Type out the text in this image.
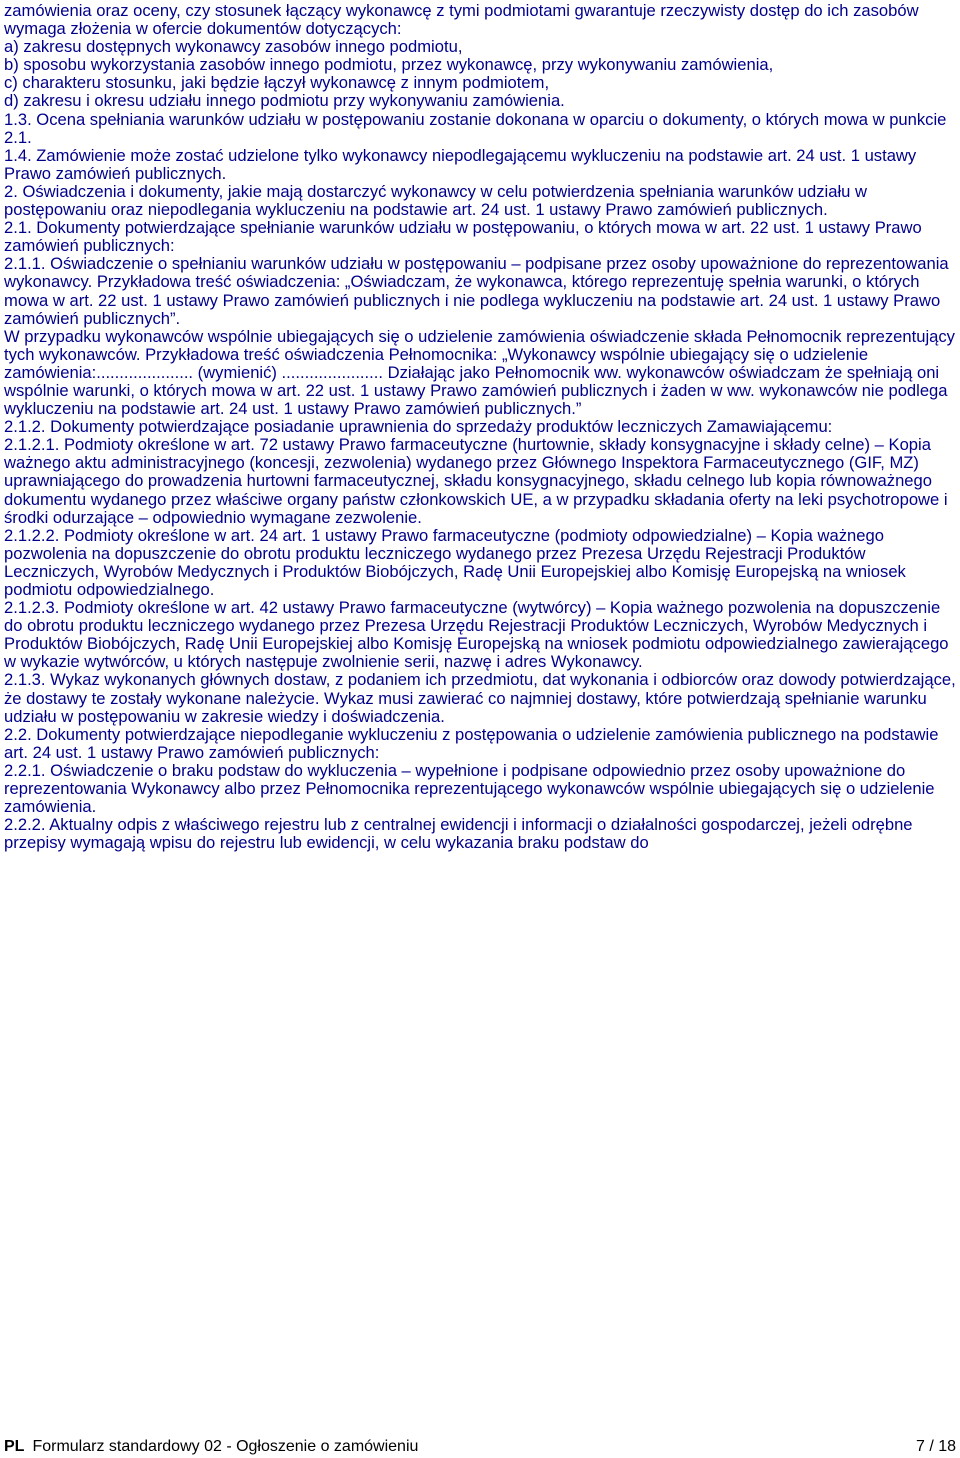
zamówienia oraz oceny, czy stosunek łączący wykonawcę z tymi podmiotami gwarantuje rzeczywisty dostęp do ich zasobów wymaga złożenia w ofercie dokumentów dotyczących:

a) zakresu dostępnych wykonawcy zasobów innego podmiotu,

b) sposobu wykorzystania zasobów innego podmiotu, przez wykonawcę, przy wykonywaniu zamówienia,

c) charakteru stosunku, jaki będzie łączył wykonawcę z innym podmiotem,

d) zakresu i okresu udziału innego podmiotu przy wykonywaniu zamówienia.

1.3. Ocena spełniania warunków udziału w postępowaniu zostanie dokonana w oparciu o dokumenty, o których mowa w punkcie 2.1.

1.4. Zamówienie może zostać udzielone tylko wykonawcy niepodlegającemu wykluczeniu na podstawie art. 24 ust. 1 ustawy Prawo zamówień publicznych.

2. Oświadczenia i dokumenty, jakie mają dostarczyć wykonawcy w celu potwierdzenia spełniania warunków udziału w postępowaniu oraz niepodlegania wykluczeniu na podstawie art. 24 ust. 1 ustawy Prawo zamówień publicznych.

2.1. Dokumenty potwierdzające spełnianie warunków udziału w postępowaniu, o których mowa w art. 22 ust. 1 ustawy Prawo zamówień publicznych:

2.1.1. Oświadczenie o spełnianiu warunków udziału w postępowaniu – podpisane przez osoby upoważnione do reprezentowania wykonawcy. Przykładowa treść oświadczenia: „Oświadczam, że wykonawca, którego reprezentuję spełnia warunki, o których mowa w art. 22 ust. 1 ustawy Prawo zamówień publicznych i nie podlega wykluczeniu na podstawie art. 24 ust. 1 ustawy Prawo zamówień publicznych”.

W przypadku wykonawców wspólnie ubiegających się o udzielenie zamówienia oświadczenie składa Pełnomocnik reprezentujący tych wykonawców. Przykładowa treść oświadczenia Pełnomocnika: „Wykonawcy wspólnie ubiegający się o udzielenie zamówienia:..................... (wymienić) ...................... Działając jako Pełnomocnik ww. wykonawców oświadczam że spełniają oni wspólnie warunki, o których mowa w art. 22 ust. 1 ustawy Prawo zamówień publicznych i żaden w ww. wykonawców nie podlega wykluczeniu na podstawie art. 24 ust. 1 ustawy Prawo zamówień publicznych.”

2.1.2. Dokumenty potwierdzające posiadanie uprawnienia do sprzedaży produktów leczniczych Zamawiającemu:

2.1.2.1. Podmioty określone w art. 72 ustawy Prawo farmaceutyczne (hurtownie, składy konsygnacyjne i składy celne) – Kopia ważnego aktu administracyjnego (koncesji, zezwolenia) wydanego przez Głównego Inspektora Farmaceutycznego (GIF, MZ) uprawniającego do prowadzenia hurtowni farmaceutycznej, składu konsygnacyjnego, składu celnego lub kopia równoważnego dokumentu wydanego przez właściwe organy państw członkowskich UE, a w przypadku składania oferty na leki psychotropowe i środki odurzające – odpowiednio wymagane zezwolenie.

2.1.2.2. Podmioty określone w art. 24 art. 1 ustawy Prawo farmaceutyczne (podmioty odpowiedzialne) – Kopia ważnego pozwolenia na dopuszczenie do obrotu produktu leczniczego wydanego przez Prezesa Urzędu Rejestracji Produktów Leczniczych, Wyrobów Medycznych i Produktów Biobójczych, Radę Unii Europejskiej albo Komisję Europejską na wniosek podmiotu odpowiedzialnego.

2.1.2.3. Podmioty określone w art. 42 ustawy Prawo farmaceutyczne (wytwórcy) – Kopia ważnego pozwolenia na dopuszczenie do obrotu produktu leczniczego wydanego przez Prezesa Urzędu Rejestracji Produktów Leczniczych, Wyrobów Medycznych i Produktów Biobójczych, Radę Unii Europejskiej albo Komisję Europejską na wniosek podmiotu odpowiedzialnego zawierającego w wykazie wytwórców, u których następuje zwolnienie serii, nazwę i adres Wykonawcy.

2.1.3. Wykaz wykonanych głównych dostaw, z podaniem ich przedmiotu, dat wykonania i odbiorców oraz dowody potwierdzające, że dostawy te zostały wykonane należycie. Wykaz musi zawierać co najmniej dostawy, które potwierdzają spełnianie warunku udziału w postępowaniu w zakresie wiedzy i doświadczenia.

2.2. Dokumenty potwierdzające niepodleganie wykluczeniu z postępowania o udzielenie zamówienia publicznego na podstawie art. 24 ust. 1 ustawy Prawo zamówień publicznych:

2.2.1. Oświadczenie o braku podstaw do wykluczenia – wypełnione i podpisane odpowiednio przez osoby upoważnione do reprezentowania Wykonawcy albo przez Pełnomocnika reprezentującego wykonawców wspólnie ubiegających się o udzielenie zamówienia.

2.2.2. Aktualny odpis z właściwego rejestru lub z centralnej ewidencji i informacji o działalności gospodarczej, jeżeli odrębne przepisy wymagają wpisu do rejestru lub ewidencji, w celu wykazania braku podstaw do

PL Formularz standardowy 02 - Ogłoszenie o zamówieniu	7 / 18
